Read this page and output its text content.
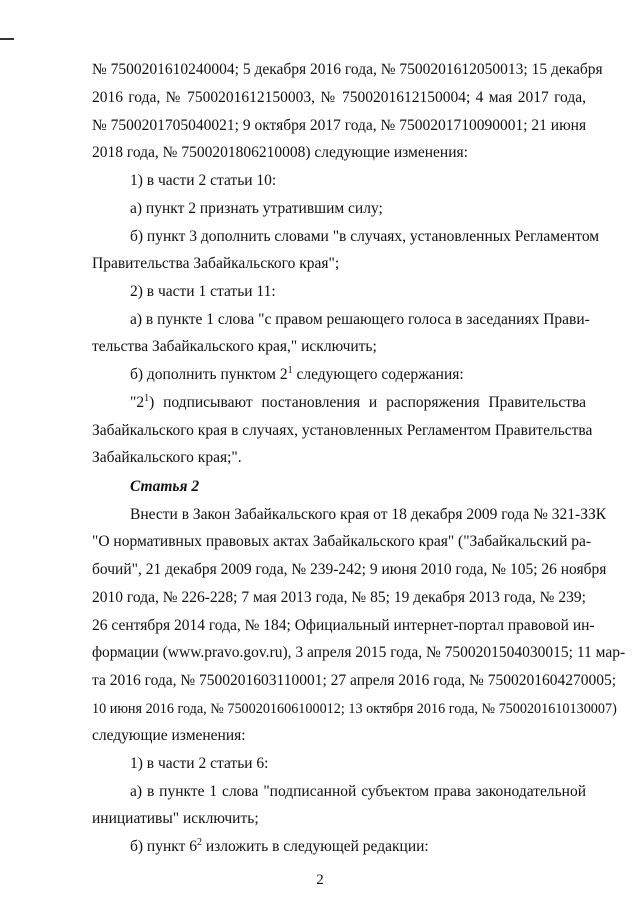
№ 7500201610240004; 5 декабря 2016 года, № 7500201612050013; 15 декабря
2016 года, № 7500201612150003, № 7500201612150004; 4 мая 2017 года,
№ 7500201705040021; 9 октября 2017 года, № 7500201710090001; 21 июня
2018 года, № 7500201806210008) следующие изменения:
1) в части 2 статьи 10:
а) пункт 2 признать утратившим силу;
б) пункт 3 дополнить словами "в случаях, установленных Регламентом
Правительства Забайкальского края";
2) в части 1 статьи 11:
а) в пункте 1 слова "с правом решающего голоса в заседаниях Прави-
тельства Забайкальского края," исключить;
б) дополнить пунктом $2^1$ следующего содержания:
"$2^1$) подписывают постановления и распоряжения Правительства
Забайкальского края в случаях, установленных Регламентом Правительства
Забайкальского края;".
Статья 2
Внести в Закон Забайкальского края от 18 декабря 2009 года № 321-ЗЗК
"О нормативных правовых актах Забайкальского края" ("Забайкальский ра-
бочий", 21 декабря 2009 года, № 239-242; 9 июня 2010 года, № 105; 26 ноября
2010 года, № 226-228; 7 мая 2013 года, № 85; 19 декабря 2013 года, № 239;
26 сентября 2014 года, № 184; Официальный интернет-портал правовой ин-
формации (www.pravo.gov.ru), 3 апреля 2015 года, № 7500201504030015; 11 мар-
та 2016 года, № 7500201603110001; 27 апреля 2016 года, № 7500201604270005;
10 июня 2016 года, № 7500201606100012; 13 октября 2016 года, № 7500201610130007)
следующие изменения:
1) в части 2 статьи 6:
а) в пункте 1 слова "подписанной субъектом права законодательной
инициативы" исключить;
б) пункт $6^2$ изложить в следующей редакции:
2
